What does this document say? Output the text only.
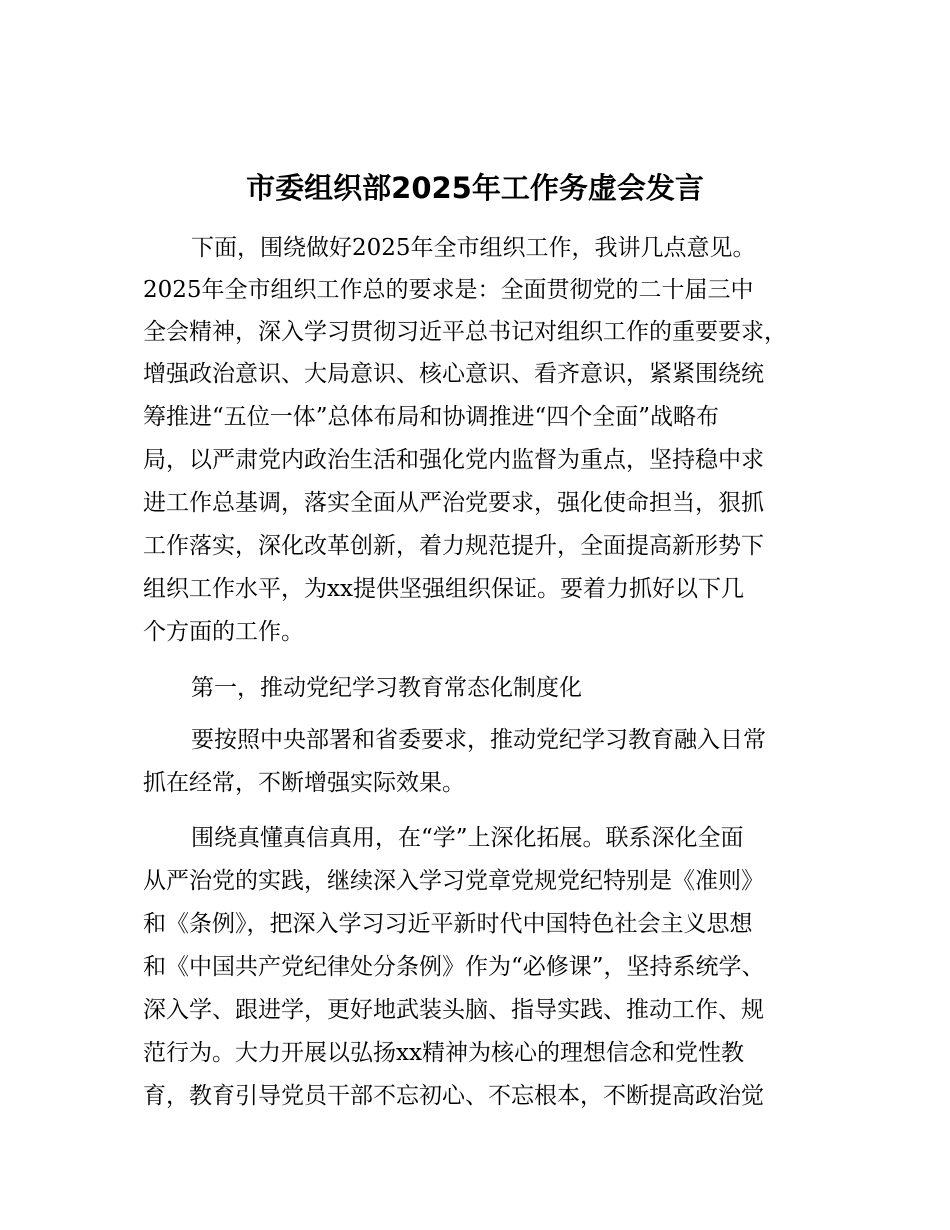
市委组织部2025年工作务虚会发言

下面，围绕做好2025年全市组织工作，我讲几点意见。

2025年全市组织工作总的要求是：全面贯彻党的二十届三中

全会精神，深入学习贯彻习近平总书记对组织工作的重要要求，

增强政治意识、大局意识、核心意识、看齐意识，紧紧围绕统

筹推进“五位一体”总体布局和协调推进“四个全面”战略布

局，以严肃党内政治生活和强化党内监督为重点，坚持稳中求

进工作总基调，落实全面从严治党要求，强化使命担当，狠抓

工作落实，深化改革创新，着力规范提升，全面提高新形势下

组织工作水平，为xx提供坚强组织保证。要着力抓好以下几

个方面的工作。

第一，推动党纪学习教育常态化制度化

要按照中央部署和省委要求，推动党纪学习教育融入日常

抓在经常，不断增强实际效果。

围绕真懂真信真用，在“学”上深化拓展。联系深化全面

从严治党的实践，继续深入学习党章党规党纪特别是《准则》

和《条例》，把深入学习习近平新时代中国特色社会主义思想

和《中国共产党纪律处分条例》作为“必修课”，坚持系统学、

深入学、跟进学，更好地武装头脑、指导实践、推动工作、规

范行为。大力开展以弘扬xx精神为核心的理想信念和党性教

育，教育引导党员干部不忘初心、不忘根本，不断提高政治觉
